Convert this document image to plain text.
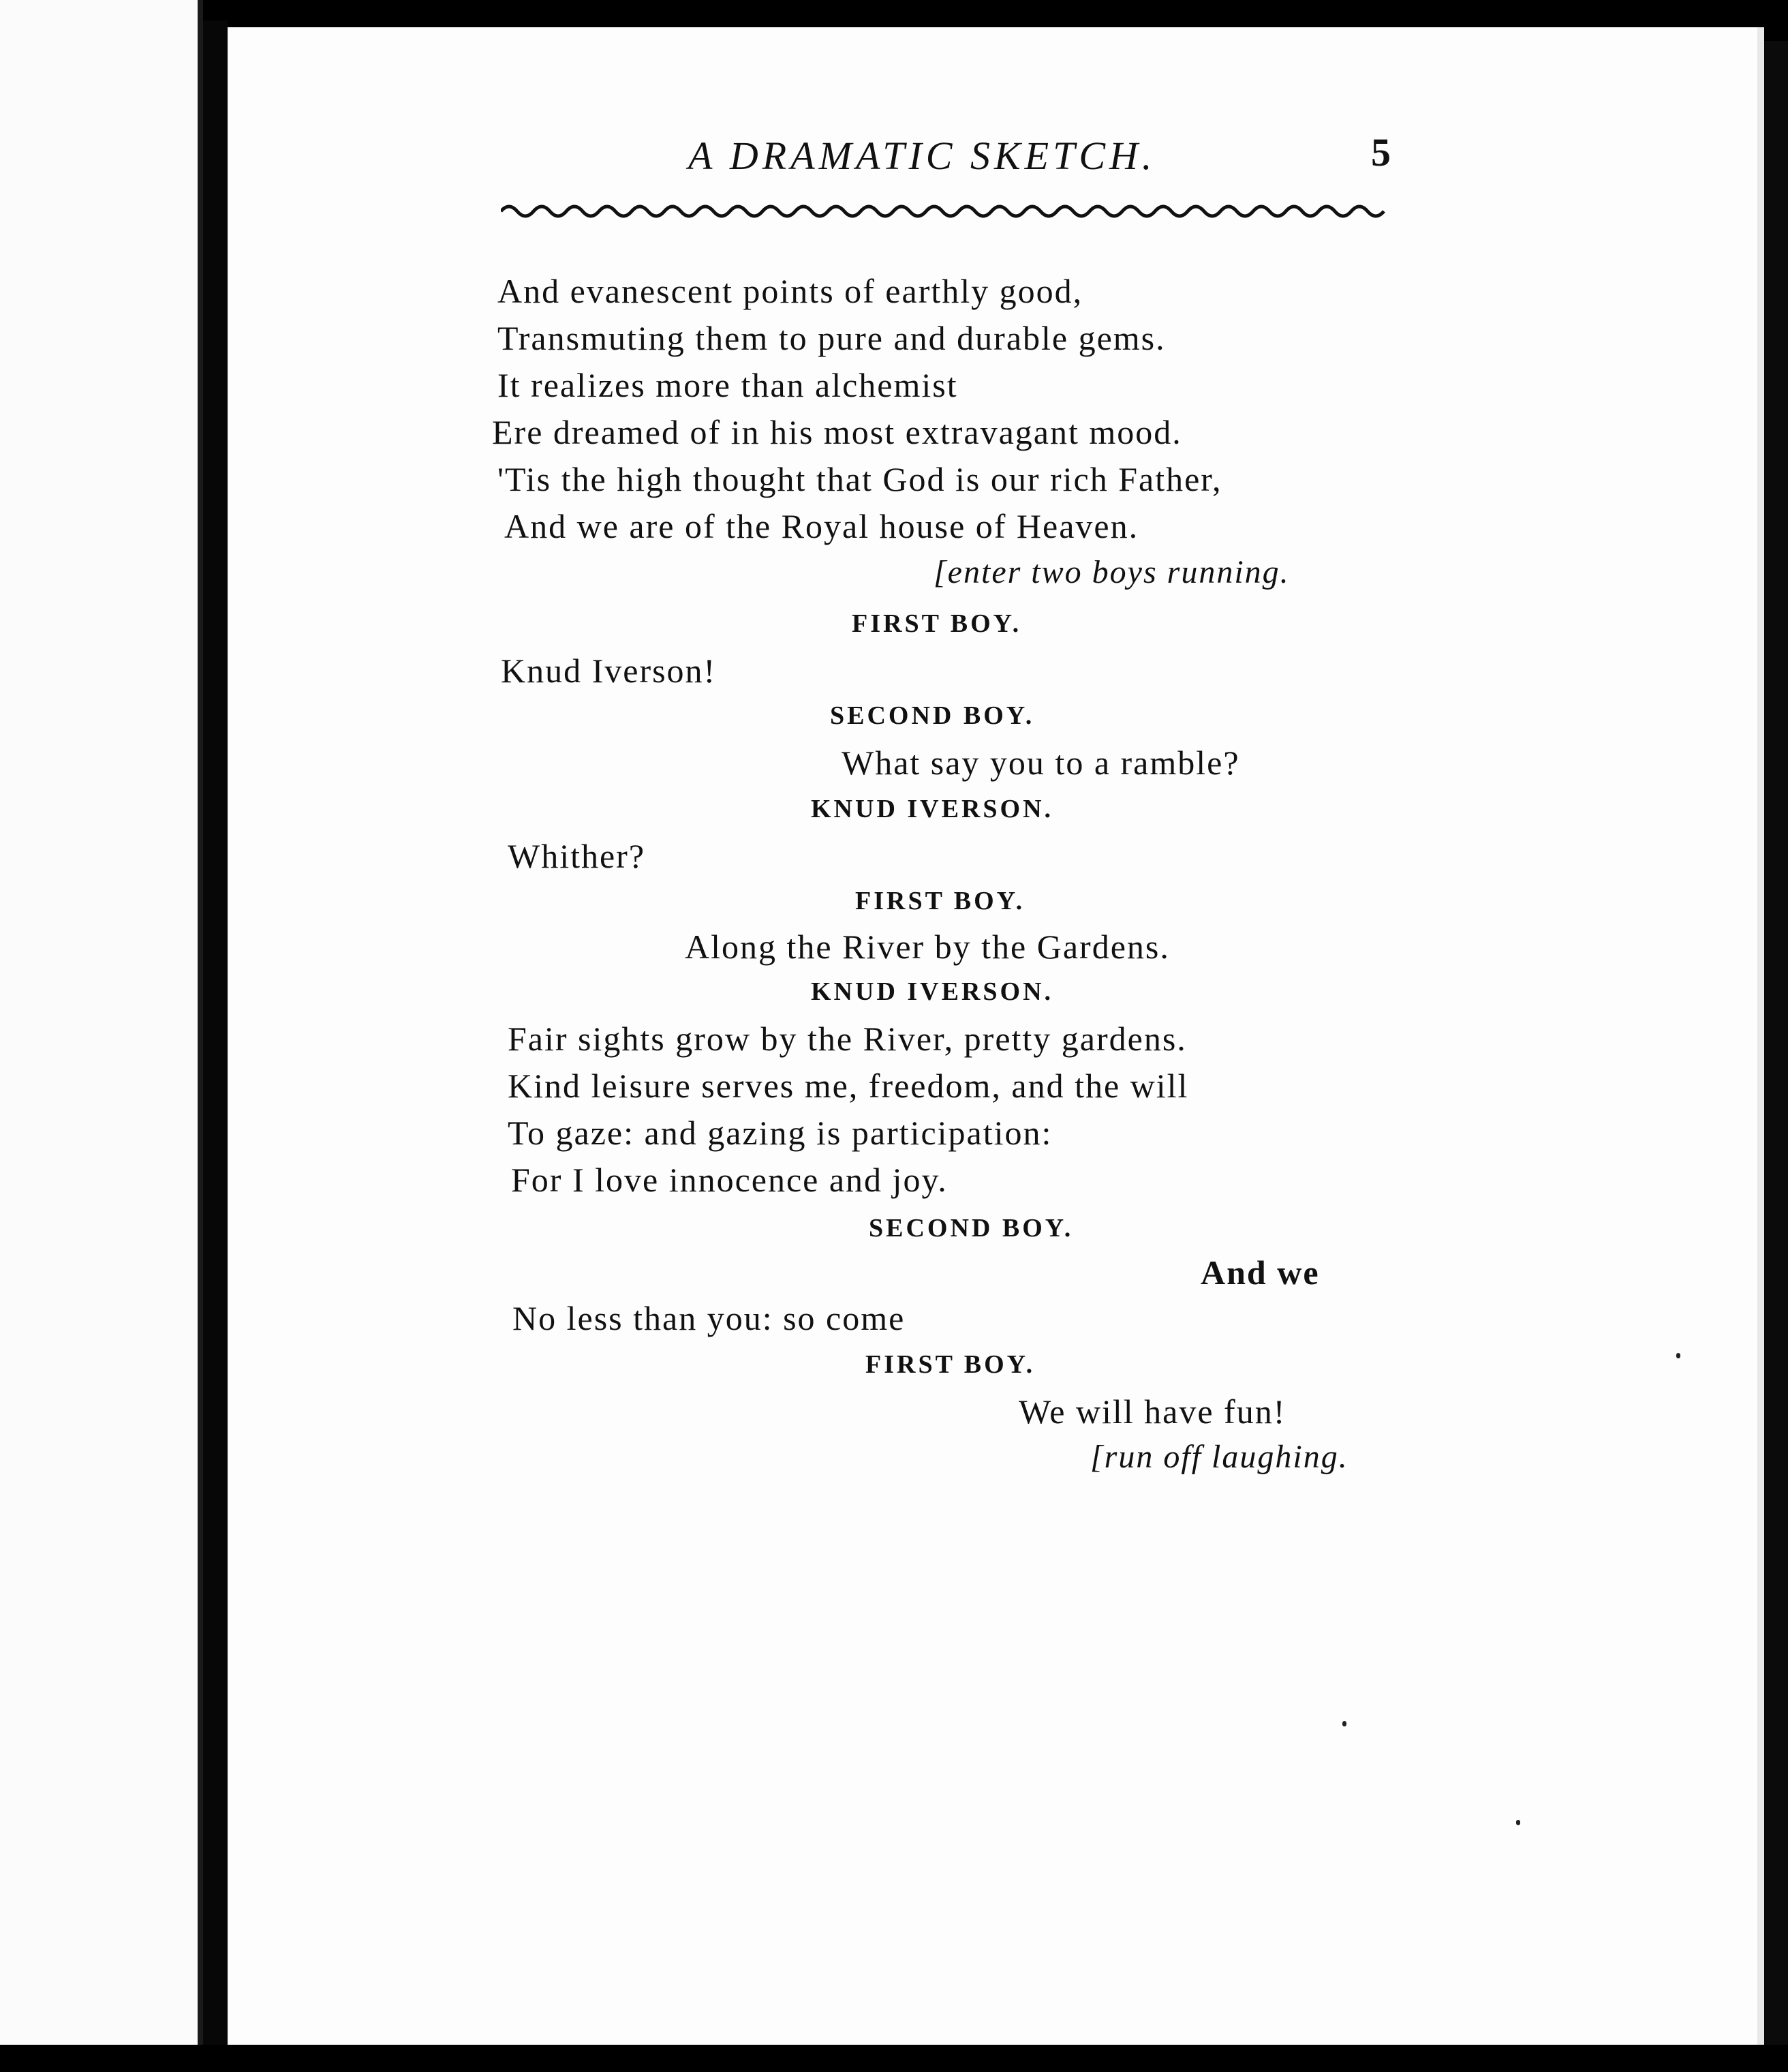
A DRAMATIC SKETCH.	5
And evanescent points of earthly good,
Transmuting them to pure and durable gems.
It realizes more than alchemist
Ere dreamed of in his most extravagant mood.
'Tis the high thought that God is our rich Father,
And we are of the Royal house of Heaven.
[enter two boys running.
FIRST BOY.
Knud Iverson!
SECOND BOY.
What say you to a ramble?
KNUD IVERSON.
Whither?
FIRST BOY.
Along the River by the Gardens.
KNUD IVERSON.
Fair sights grow by the River, pretty gardens.
Kind leisure serves me, freedom, and the will
To gaze: and gazing is participation:
For I love innocence and joy.
SECOND BOY.
And we
No less than you: so come
FIRST BOY.
We will have fun!
[run off laughing.
